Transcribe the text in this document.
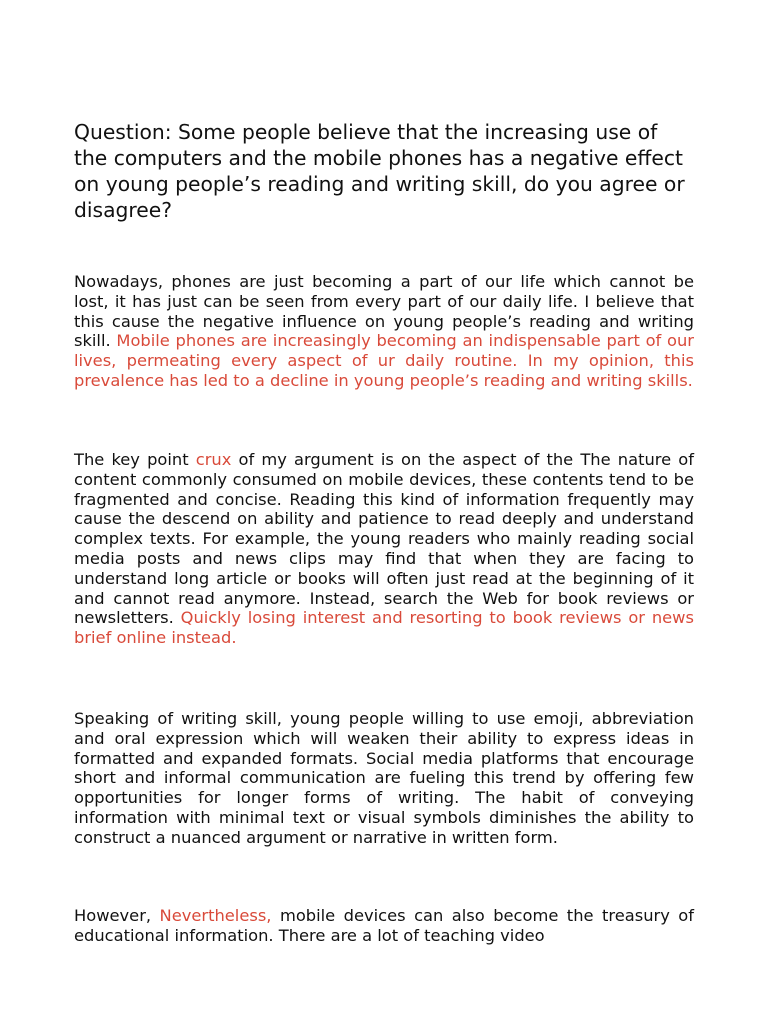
Question: Some people believe that the increasing use of the computers and the mobile phones has a negative effect on young people’s reading and writing skill, do you agree or disagree?

Nowadays, phones are just becoming a part of our life which cannot be lost, it has just can be seen from every part of our daily life. I believe that this cause the negative influence on young people’s reading and writing skill. Mobile phones are increasingly becoming an indispensable part of our lives, permeating every aspect of ur daily routine. In my opinion, this prevalence has led to a decline in young people’s reading and writing skills.

The key point crux of my argument is on the aspect of the The nature of content commonly consumed on mobile devices, these contents tend to be fragmented and concise. Reading this kind of information frequently may cause the descend on ability and patience to read deeply and understand complex texts. For example, the young readers who mainly reading social media posts and news clips may find that when they are facing to understand long article or books will often just read at the beginning of it and cannot read anymore. Instead, search the Web for book reviews or newsletters. Quickly losing interest and resorting to book reviews or news brief online instead.

Speaking of writing skill, young people willing to use emoji, abbreviation and oral expression which will weaken their ability to express ideas in formatted and expanded formats. Social media platforms that encourage short and informal communication are fueling this trend by offering few opportunities for longer forms of writing. The habit of conveying information with minimal text or visual symbols diminishes the ability to construct a nuanced argument or narrative in written form.

However, Nevertheless, mobile devices can also become the treasury of educational information. There are a lot of teaching video
